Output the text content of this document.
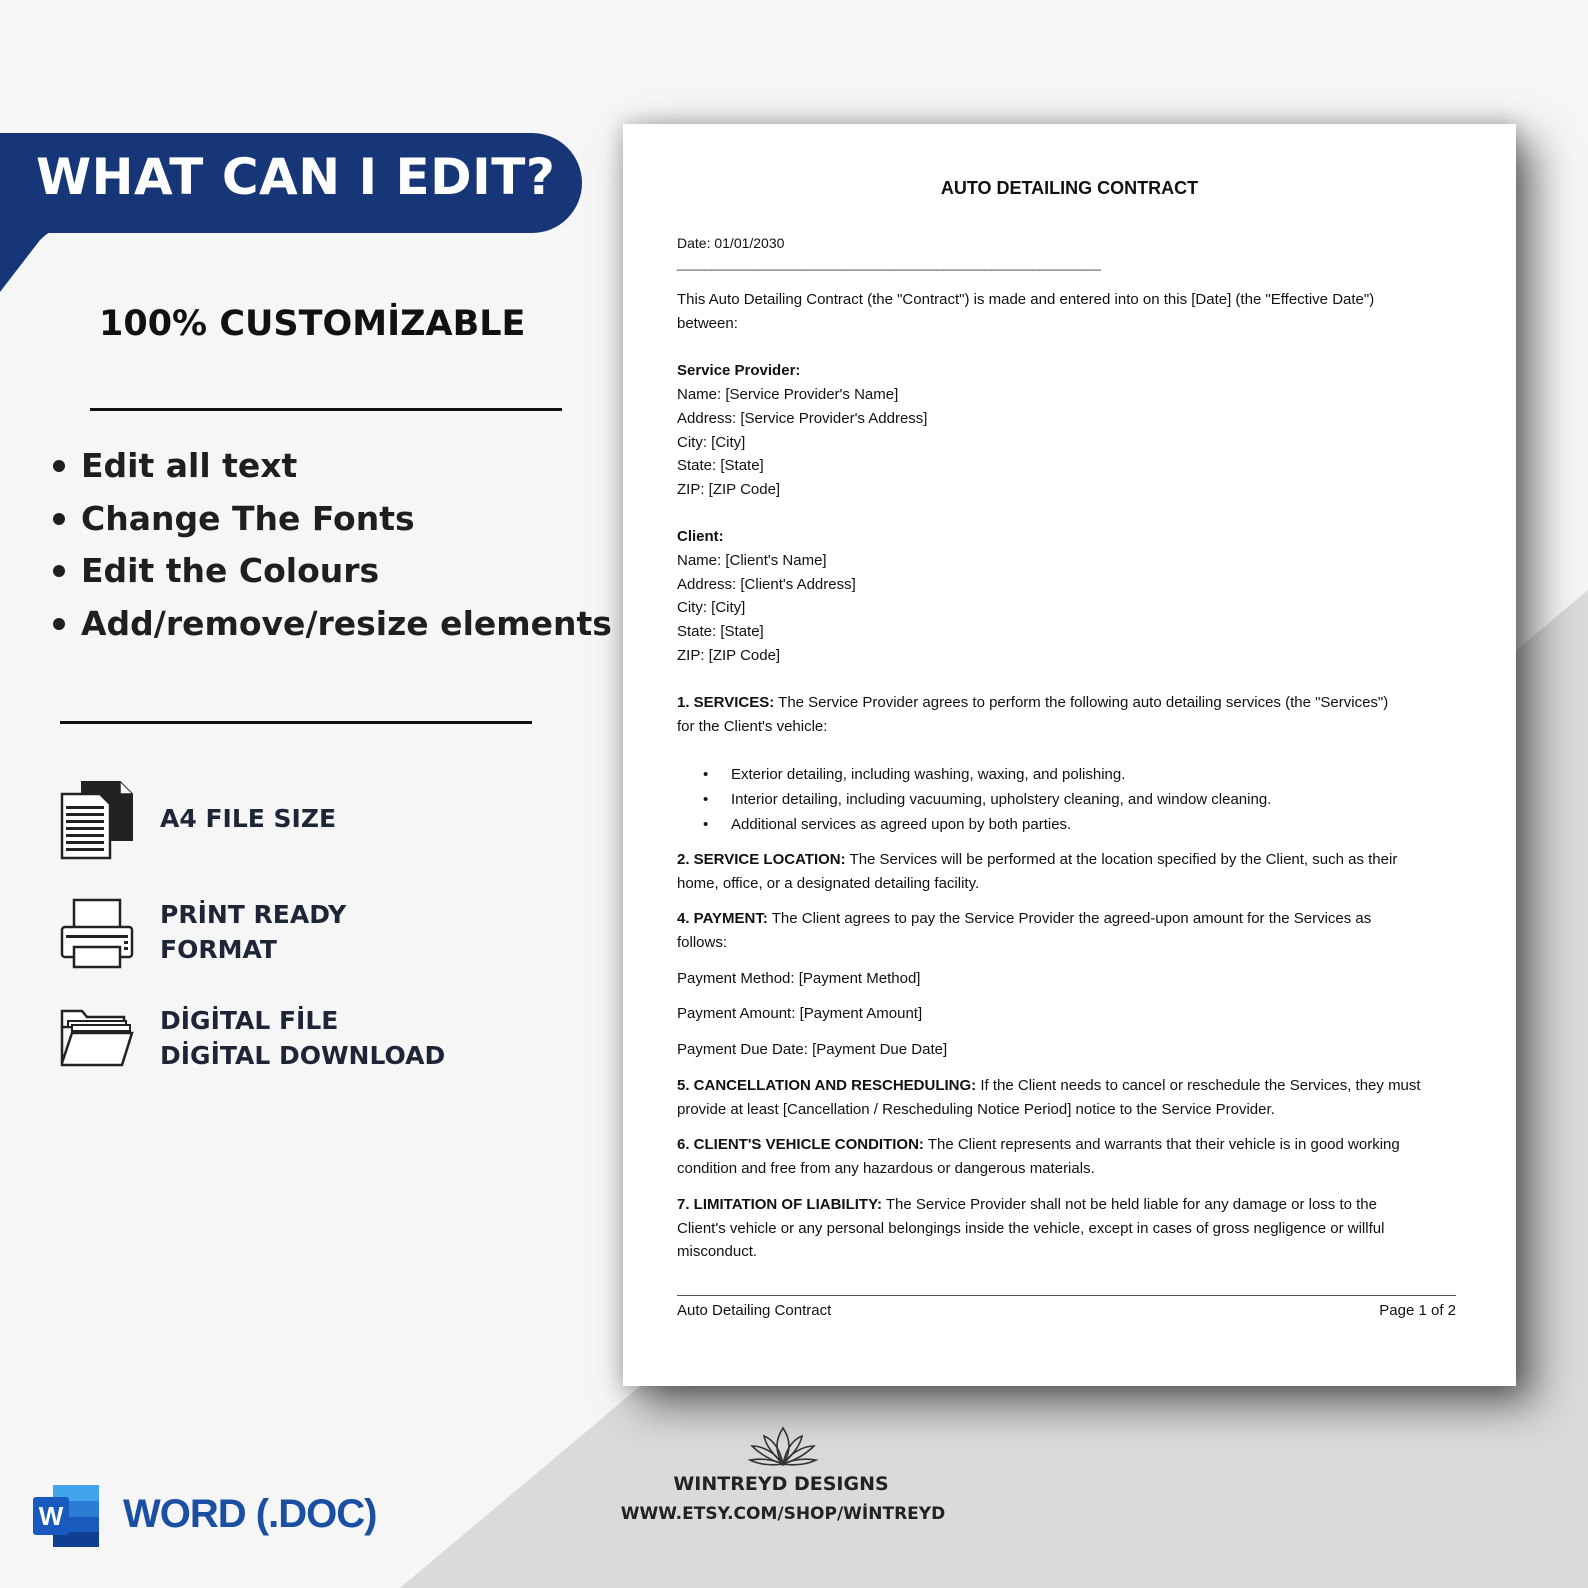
WHAT CAN I EDIT?
100% CUSTOMİZABLE
Edit all text
Change The Fonts
Edit the Colours
Add/remove/resize elements
A4 FILE SIZE
PRİNT READY
FORMAT
DİGİTAL FİLE
DİGİTAL DOWNLOAD
W WORD (.DOC)
AUTO DETAILING CONTRACT
Date: 01/01/2030
______________________________________________________________
This Auto Detailing Contract (the "Contract") is made and entered into on this [Date] (the "Effective Date")
between:
Service Provider:
Name: [Service Provider's Name]
Address: [Service Provider's Address]
City: [City]
State: [State]
ZIP: [ZIP Code]
Client:
Name: [Client's Name]
Address: [Client's Address]
City: [City]
State: [State]
ZIP: [ZIP Code]
1. SERVICES: The Service Provider agrees to perform the following auto detailing services (the "Services")
for the Client's vehicle:
• Exterior detailing, including washing, waxing, and polishing.
• Interior detailing, including vacuuming, upholstery cleaning, and window cleaning.
• Additional services as agreed upon by both parties.
2. SERVICE LOCATION: The Services will be performed at the location specified by the Client, such as their
home, office, or a designated detailing facility.
4. PAYMENT: The Client agrees to pay the Service Provider the agreed-upon amount for the Services as
follows:
Payment Method: [Payment Method]
Payment Amount: [Payment Amount]
Payment Due Date: [Payment Due Date]
5. CANCELLATION AND RESCHEDULING: If the Client needs to cancel or reschedule the Services, they must
provide at least [Cancellation / Rescheduling Notice Period] notice to the Service Provider.
6. CLIENT'S VEHICLE CONDITION: The Client represents and warrants that their vehicle is in good working
condition and free from any hazardous or dangerous materials.
7. LIMITATION OF LIABILITY: The Service Provider shall not be held liable for any damage or loss to the
Client's vehicle or any personal belongings inside the vehicle, except in cases of gross negligence or willful
misconduct.
Auto Detailing Contract	Page 1 of 2
WINTREYD DESIGNS
WWW.ETSY.COM/SHOP/WİNTREYD
